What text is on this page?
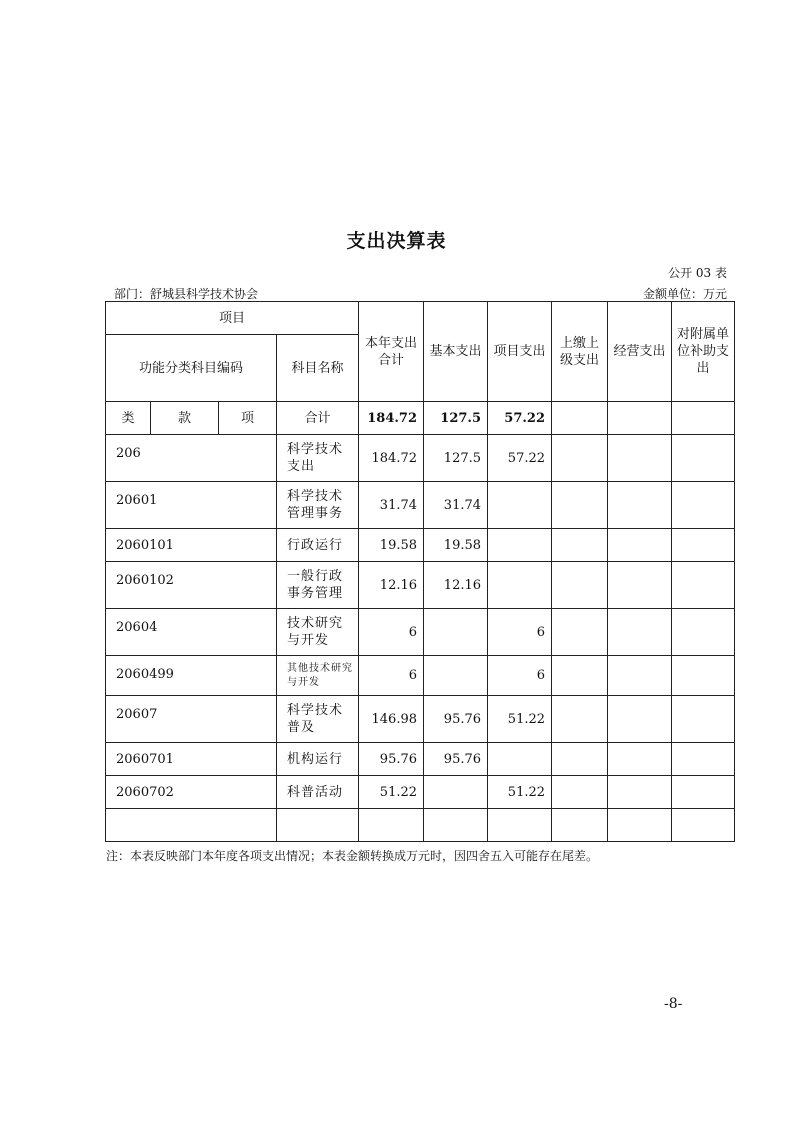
支出决算表
公开 03 表
部门：舒城县科学技术协会	金额单位：万元
项目				本年支出合计	基本支出	项目支出	上缴上级支出	经营支出	对附属单位补助支出
功能分类科目编码			科目名称						
类	款	项	合计	184.72	127.5	57.22			
206			科学技术支出	184.72	127.5	57.22			
20601			科学技术管理事务	31.74	31.74				
2060101			行政运行	19.58	19.58				
2060102			一般行政事务管理	12.16	12.16				
20604			技术研究与开发	6		6			
2060499			其他技术研究与开发	6		6			
20607			科学技术普及	146.98	95.76	51.22			
2060701			机构运行	95.76	95.76				
2060702			科普活动	51.22		51.22			

注：本表反映部门本年度各项支出情况；本表金额转换成万元时，因四舍五入可能存在尾差。
-8-
